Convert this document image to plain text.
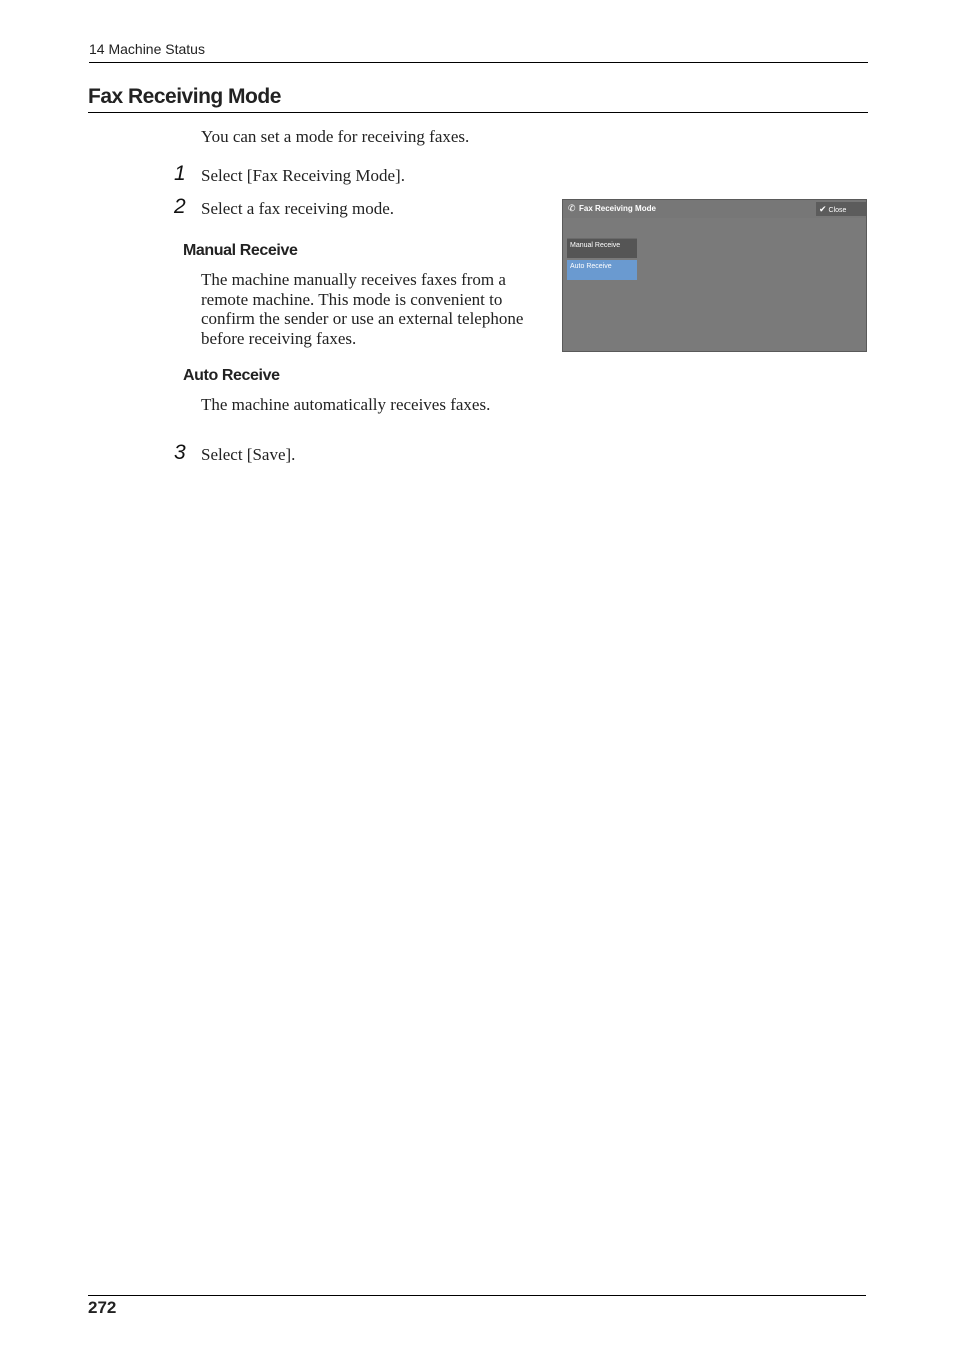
14 Machine Status
Fax Receiving Mode
You can set a mode for receiving faxes.
1 Select [Fax Receiving Mode].
2 Select a fax receiving mode.
Manual Receive
The machine manually receives faxes from a
remote machine. This mode is convenient to
confirm the sender or use an external telephone
before receiving faxes.
Auto Receive
The machine automatically receives faxes.
3 Select [Save].
✆ Fax Receiving Mode	✔ Close
Manual Receive
Auto Receive
272
